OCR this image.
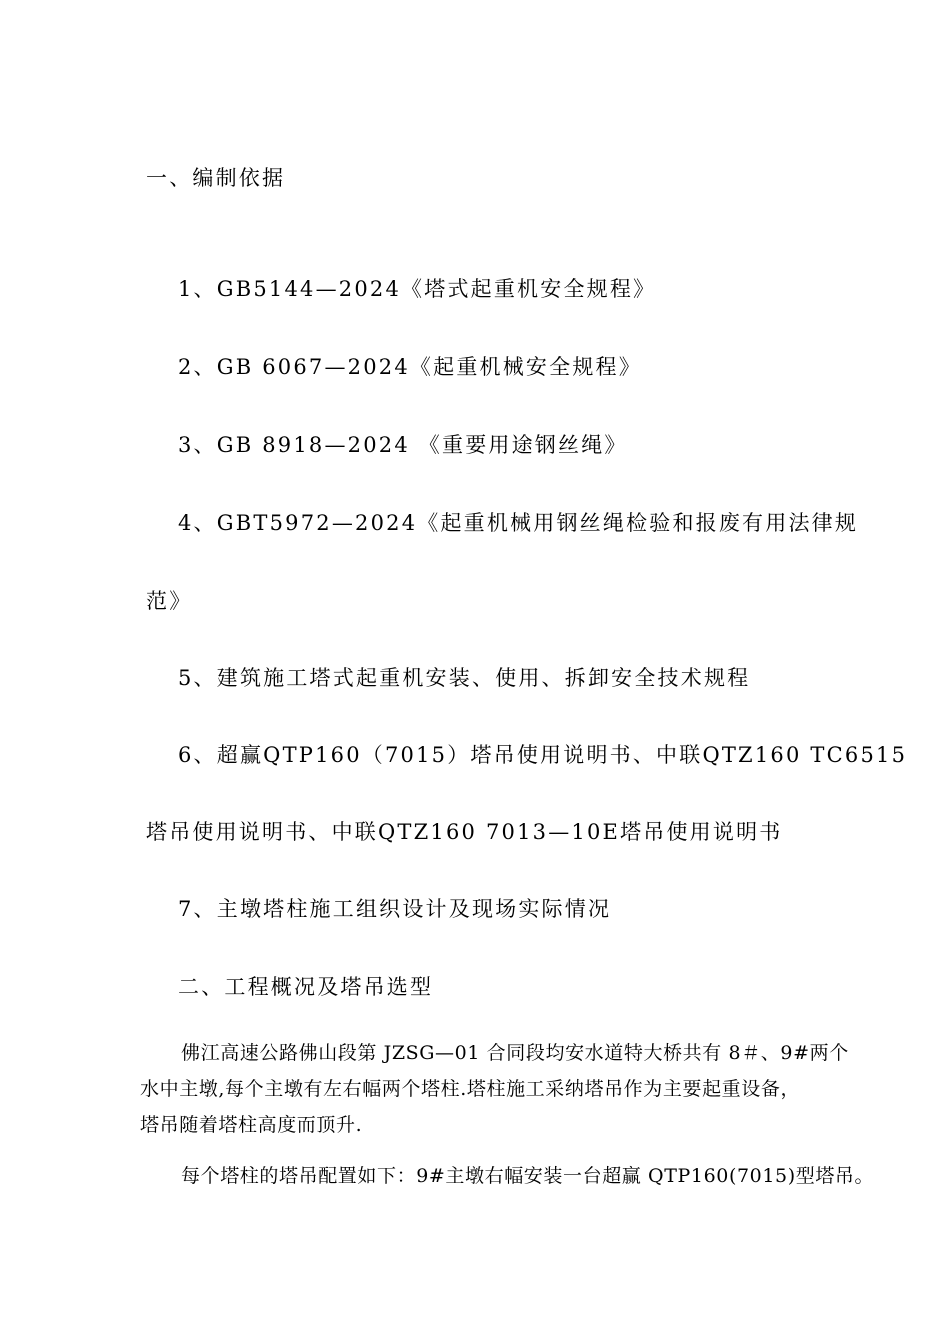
一、编制依据
1、GB5144—2024《塔式起重机安全规程》
2、GB 6067—2024《起重机械安全规程》
3、GB 8918—2024 《重要用途钢丝绳》
4、GBT5972—2024《起重机械用钢丝绳检验和报废有用法律规
范》
5、建筑施工塔式起重机安装、使用、拆卸安全技术规程
6、超赢QTP160（7015）塔吊使用说明书、中联QTZ160 TC6515
塔吊使用说明书、中联QTZ160 7013—10E塔吊使用说明书
7、主墩塔柱施工组织设计及现场实际情况
二、工程概况及塔吊选型
佛江高速公路佛山段第 JZSG—01 合同段均安水道特大桥共有 8＃、9#两个
水中主墩,每个主墩有左右幅两个塔柱.塔柱施工采纳塔吊作为主要起重设备，
塔吊随着塔柱高度而顶升.
每个塔柱的塔吊配置如下：9#主墩右幅安装一台超赢 QTP160(7015)型塔吊。
